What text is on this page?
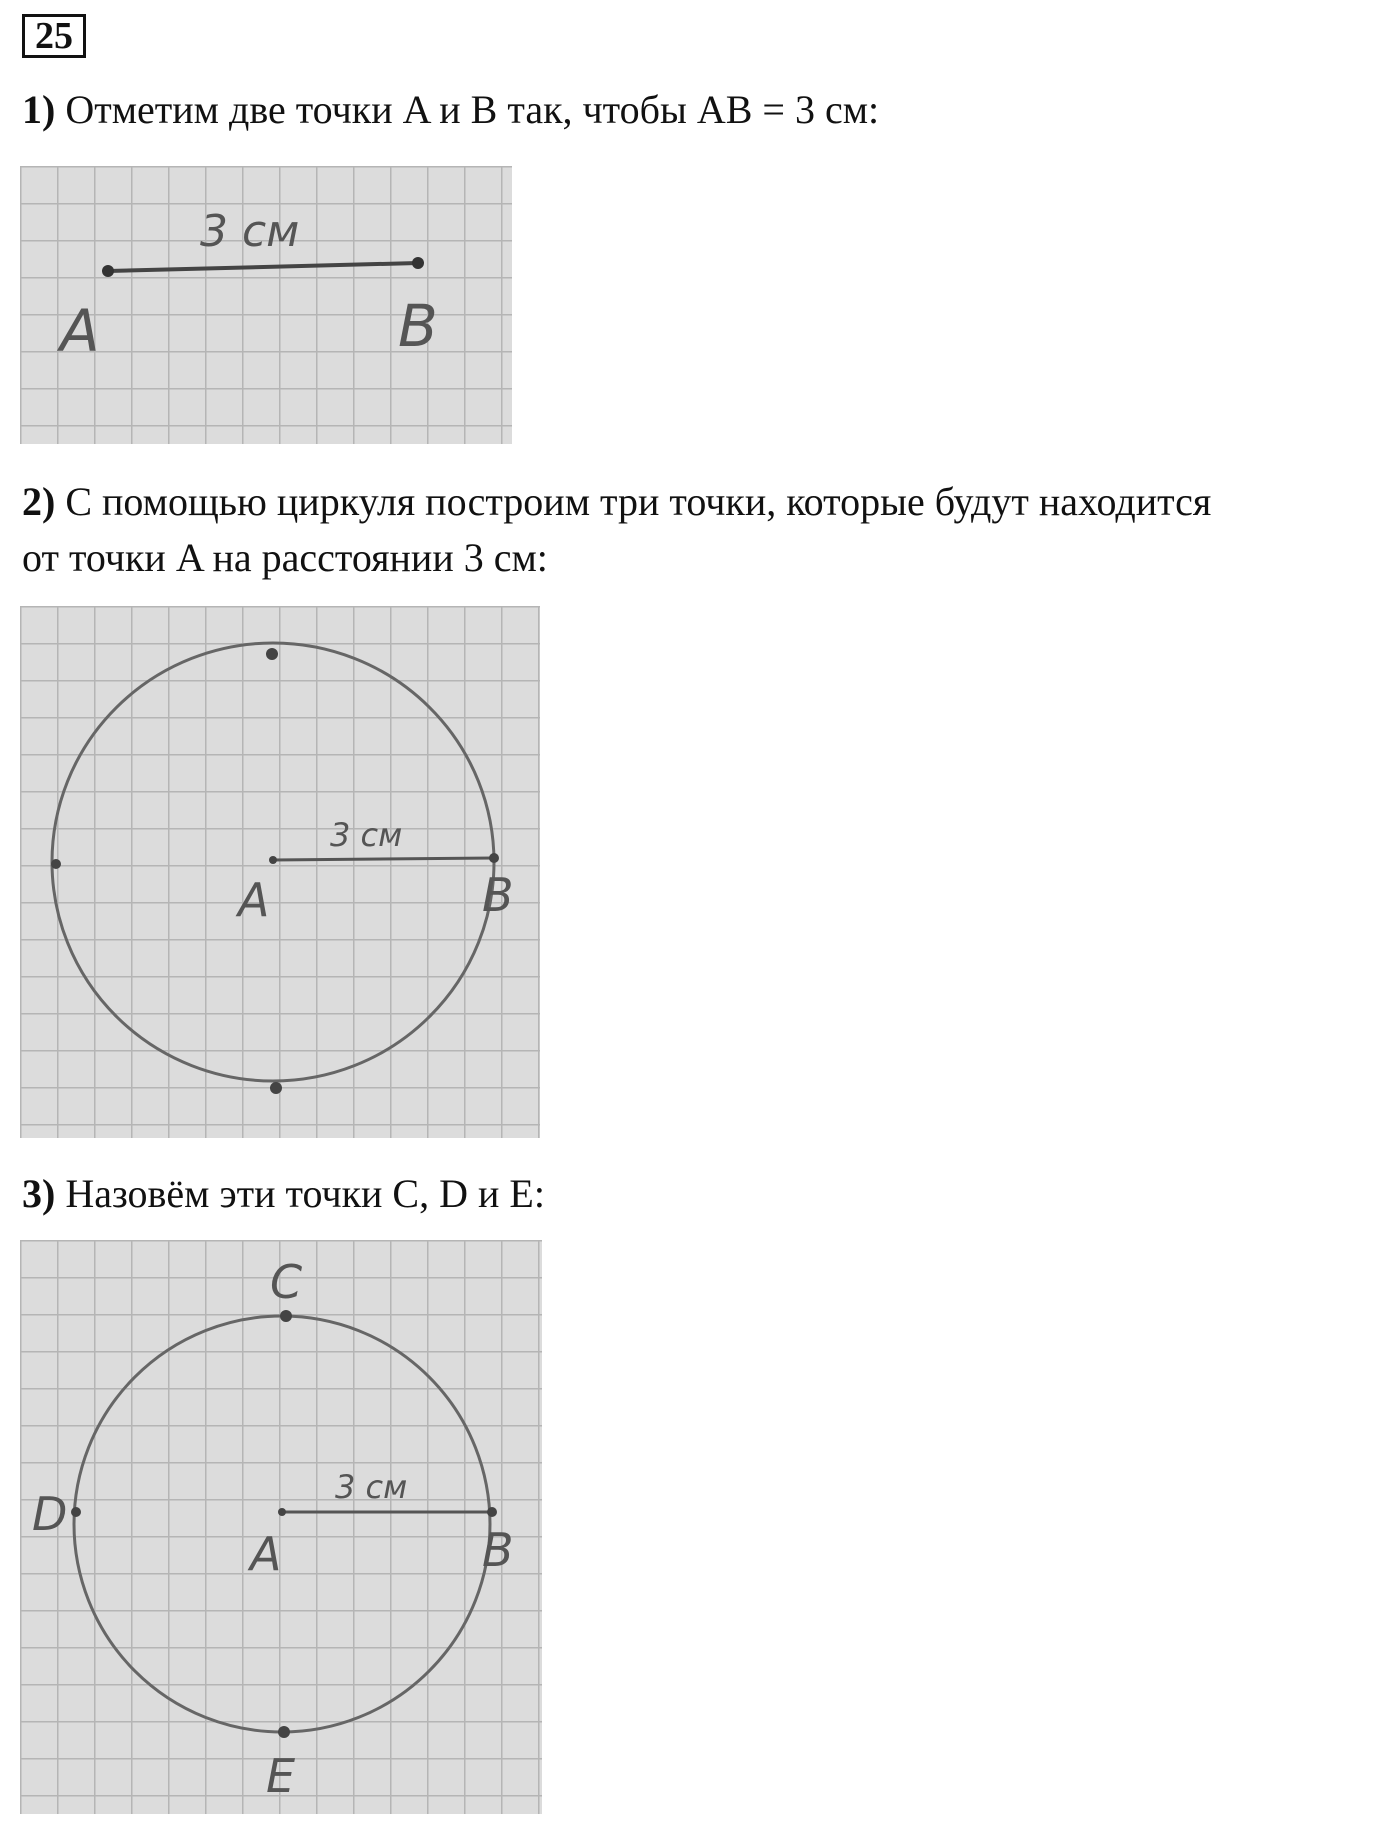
25

1) Отметим две точки A и B так, чтобы AB = 3 см:

3 см
A	B

2) С помощью циркуля построим три точки, которые будут находится

от точки A на расстоянии 3 см:

3 см
A	B

3) Назовём эти точки C, D и E:

3 см
A	B
C
D
E
